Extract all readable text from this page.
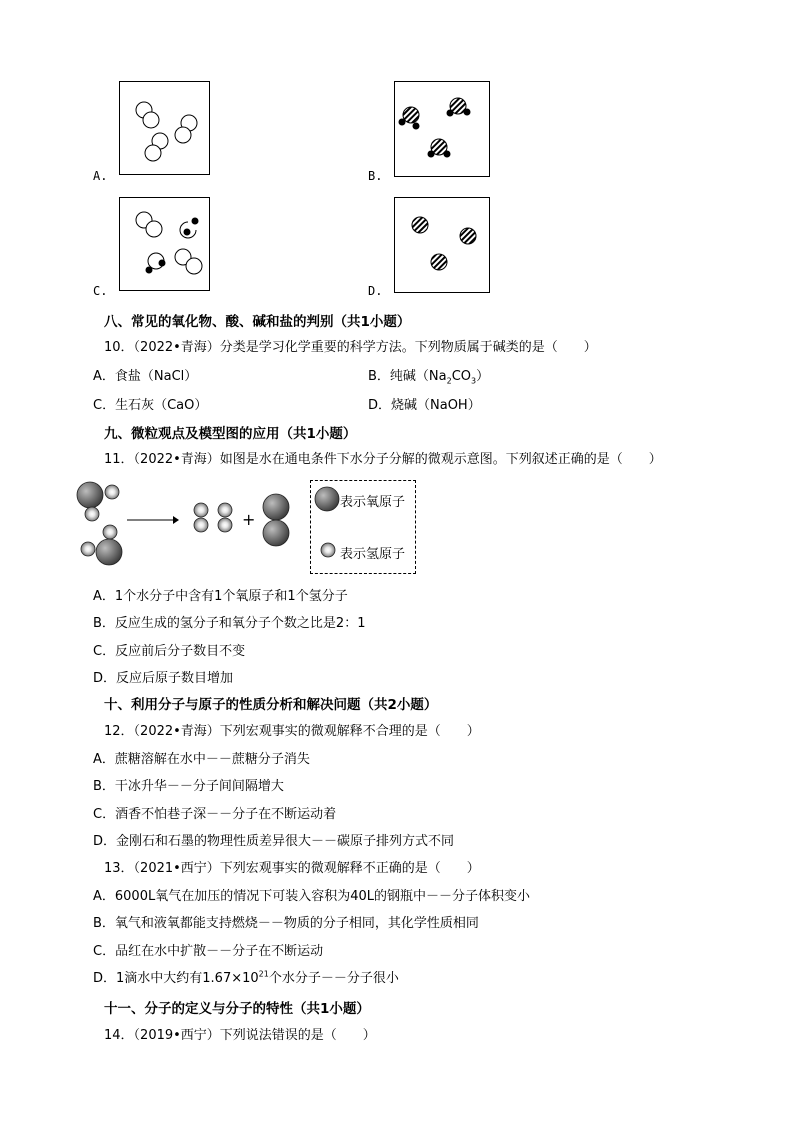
A.	B.
C.	D.
八、常见的氧化物、酸、碱和盐的判别（共1小题）
10．（2022•青海）分类是学习化学重要的科学方法。下列物质属于碱类的是（　　）
A．食盐（NaCl）	B．纯碱$(Na_2CO_3)$
C．生石灰（CaO）	D．烧碱（NaOH）
九、微粒观点及模型图的应用（共1小题）
11．（2022•青海）如图是水在通电条件下水分子分解的微观示意图。下列叙述正确的是（　　）
+
表示氧原子
表示氢原子
A．1个水分子中含有1个氧原子和1个氢分子
B．反应生成的氢分子和氧分子个数之比是2：1
C．反应前后分子数目不变
D．反应后原子数目增加
十、利用分子与原子的性质分析和解决问题（共2小题）
12．（2022•青海）下列宏观事实的微观解释不合理的是（　　）
A．蔗糖溶解在水中－－蔗糖分子消失
B．干冰升华－－分子间间隔增大
C．酒香不怕巷子深－－分子在不断运动着
D．金刚石和石墨的物理性质差异很大－－碳原子排列方式不同
13．（2021•西宁）下列宏观事实的微观解释不正确的是（　　）
A．6000L氧气在加压的情况下可装入容积为40L的钢瓶中－－分子体积变小
B．氧气和液氧都能支持燃烧－－物质的分子相同，其化学性质相同
C．品红在水中扩散－－分子在不断运动
D．1滴水中大约有$1.67\times 10^{21}$个水分子－－分子很小
十一、分子的定义与分子的特性（共1小题）
14．（2019•西宁）下列说法错误的是（　　）
